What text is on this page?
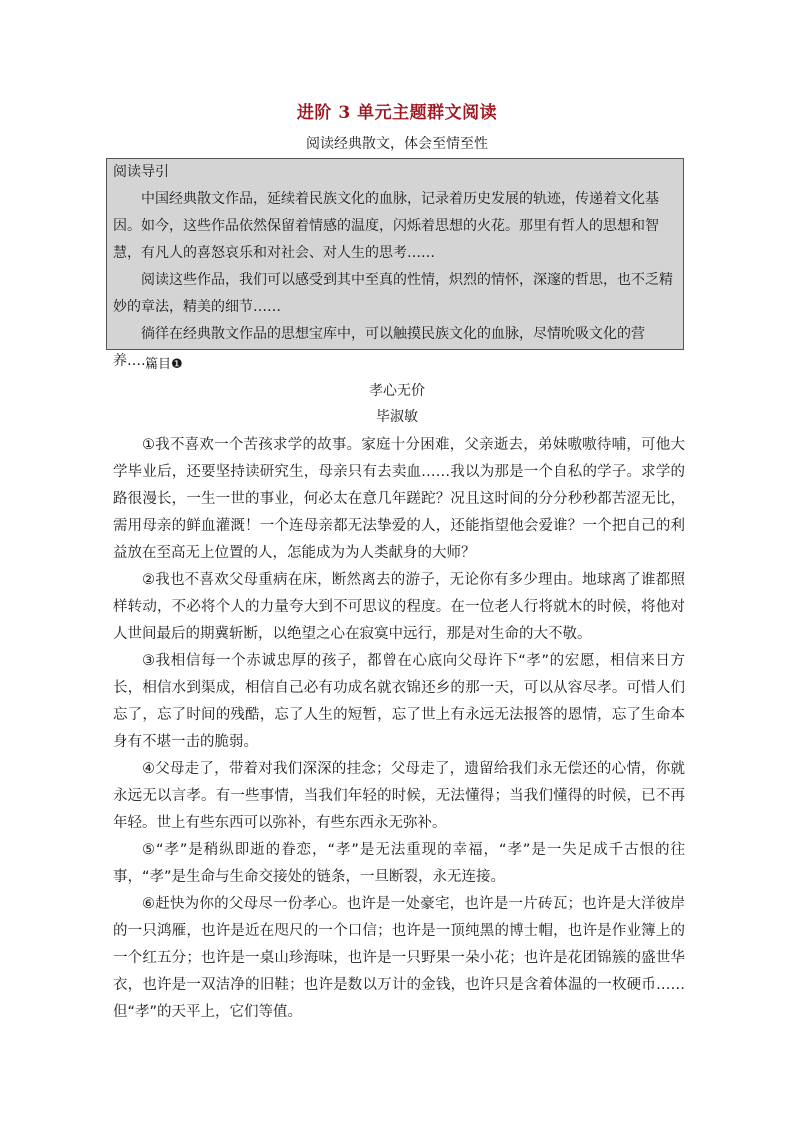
进阶 3 单元主题群文阅读
阅读经典散文，体会至情至性

阅读导引

中国经典散文作品，延续着民族文化的血脉，记录着历史发展的轨迹，传递着文化基因。如今，这些作品依然保留着情感的温度，闪烁着思想的火花。那里有哲人的思想和智慧，有凡人的喜怒哀乐和对社会、对人生的思考……

阅读这些作品，我们可以感受到其中至真的性情，炽烈的情怀，深邃的哲思，也不乏精妙的章法，精美的细节……

徜徉在经典散文作品的思想宝库中，可以触摸民族文化的血脉，尽情吮吸文化的营养……

篇目❶
孝心无价
毕淑敏

①我不喜欢一个苦孩求学的故事。家庭十分困难，父亲逝去，弟妹嗷嗷待哺，可他大学毕业后，还要坚持读研究生，母亲只有去卖血……我以为那是一个自私的学子。求学的路很漫长，一生一世的事业，何必太在意几年蹉跎？况且这时间的分分秒秒都苦涩无比，需用母亲的鲜血灌溉！一个连母亲都无法挚爱的人，还能指望他会爱谁？一个把自己的利益放在至高无上位置的人，怎能成为为人类献身的大师？

②我也不喜欢父母重病在床，断然离去的游子，无论你有多少理由。地球离了谁都照样转动，不必将个人的力量夸大到不可思议的程度。在一位老人行将就木的时候，将他对人世间最后的期冀斩断，以绝望之心在寂寞中远行，那是对生命的大不敬。

③我相信每一个赤诚忠厚的孩子，都曾在心底向父母许下“孝”的宏愿，相信来日方长，相信水到渠成，相信自己必有功成名就衣锦还乡的那一天，可以从容尽孝。可惜人们忘了，忘了时间的残酷，忘了人生的短暂，忘了世上有永远无法报答的恩情，忘了生命本身有不堪一击的脆弱。

④父母走了，带着对我们深深的挂念；父母走了，遗留给我们永无偿还的心情，你就永远无以言孝。有一些事情，当我们年轻的时候，无法懂得；当我们懂得的时候，已不再年轻。世上有些东西可以弥补，有些东西永无弥补。

⑤“孝”是稍纵即逝的眷恋，“孝”是无法重现的幸福，“孝”是一失足成千古恨的往事，“孝”是生命与生命交接处的链条，一旦断裂，永无连接。

⑥赶快为你的父母尽一份孝心。也许是一处豪宅，也许是一片砖瓦；也许是大洋彼岸的一只鸿雁，也许是近在咫尺的一个口信；也许是一顶纯黑的博士帽，也许是作业簿上的一个红五分；也许是一桌山珍海味，也许是一只野果一朵小花；也许是花团锦簇的盛世华衣，也许是一双洁净的旧鞋；也许是数以万计的金钱，也许只是含着体温的一枚硬币……但“孝”的天平上，它们等值。
